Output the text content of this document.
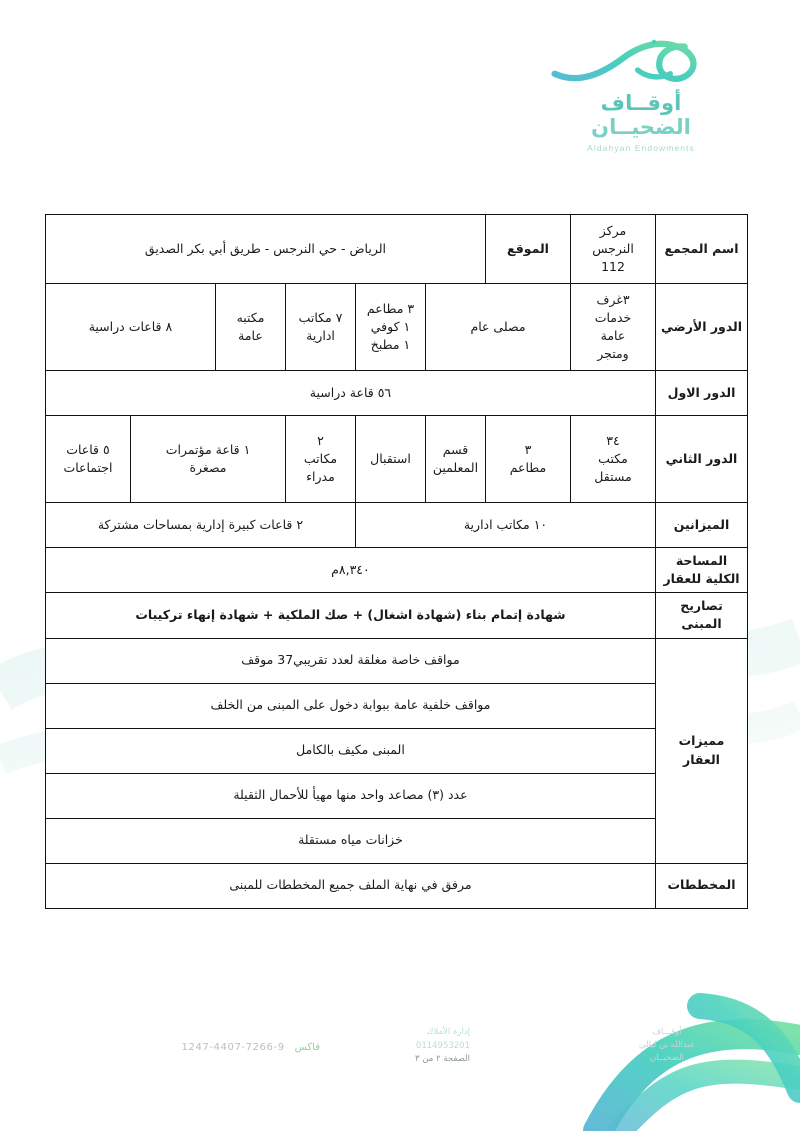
أوقــاف
الضحيــان
Aldahyan Endowments
اسم المجمع	مركز
النرجس
112	الموقع	الرياض - حي النرجس - طريق أبي بكر الصديق					
الدور الأرضي	٣غرف
خدمات
عامة
ومتجر	مصلى عام		٣ مطاعم
١ كوفي
١ مطبخ	٧ مكاتب
ادارية	مكتبه
عامة	٨ قاعات دراسية	
الدور الاول	٥٦ قاعة دراسية							
الدور الثاني	٣٤
مكتب
مستقل	٣
مطاعم	قسم
المعلمين	استقبال	٢
مكاتب
مدراء	١ قاعة مؤتمرات
مصغرة		٥ قاعات
اجتماعات

الميزانين	١٠ مكاتب ادارية				٢ قاعات كبيرة إدارية بمساحات مشتركة			

المساحة
الكلية للعقار	٨,٣٤٠م							

تصاريح
المبنى	شهادة إتمام بناء (شهادة اشغال) + صك الملكية + شهادة إنهاء تركيبات							

مميزات
العقار	مواقف خاصة مغلقة لعدد تقريبي37 موقف							
	مواقف خلفية عامة ببوابة دخول على المبنى من الخلف							
	المبنى مكيف بالكامل							
	عدد (٣) مصاعد واحد منها مهيأ للأحمال الثقيلة							
	خزانات مياه مستقلة							
المخططات	مرفق في نهاية الملف جميع المخططات للمبنى							
أوقـــاف
عبدالله بن ليالي
الضحيــان
إدارة الأملاك
0114953201
الصفحة ٢ من ٣
فاكس
1247-4407-7266-9
